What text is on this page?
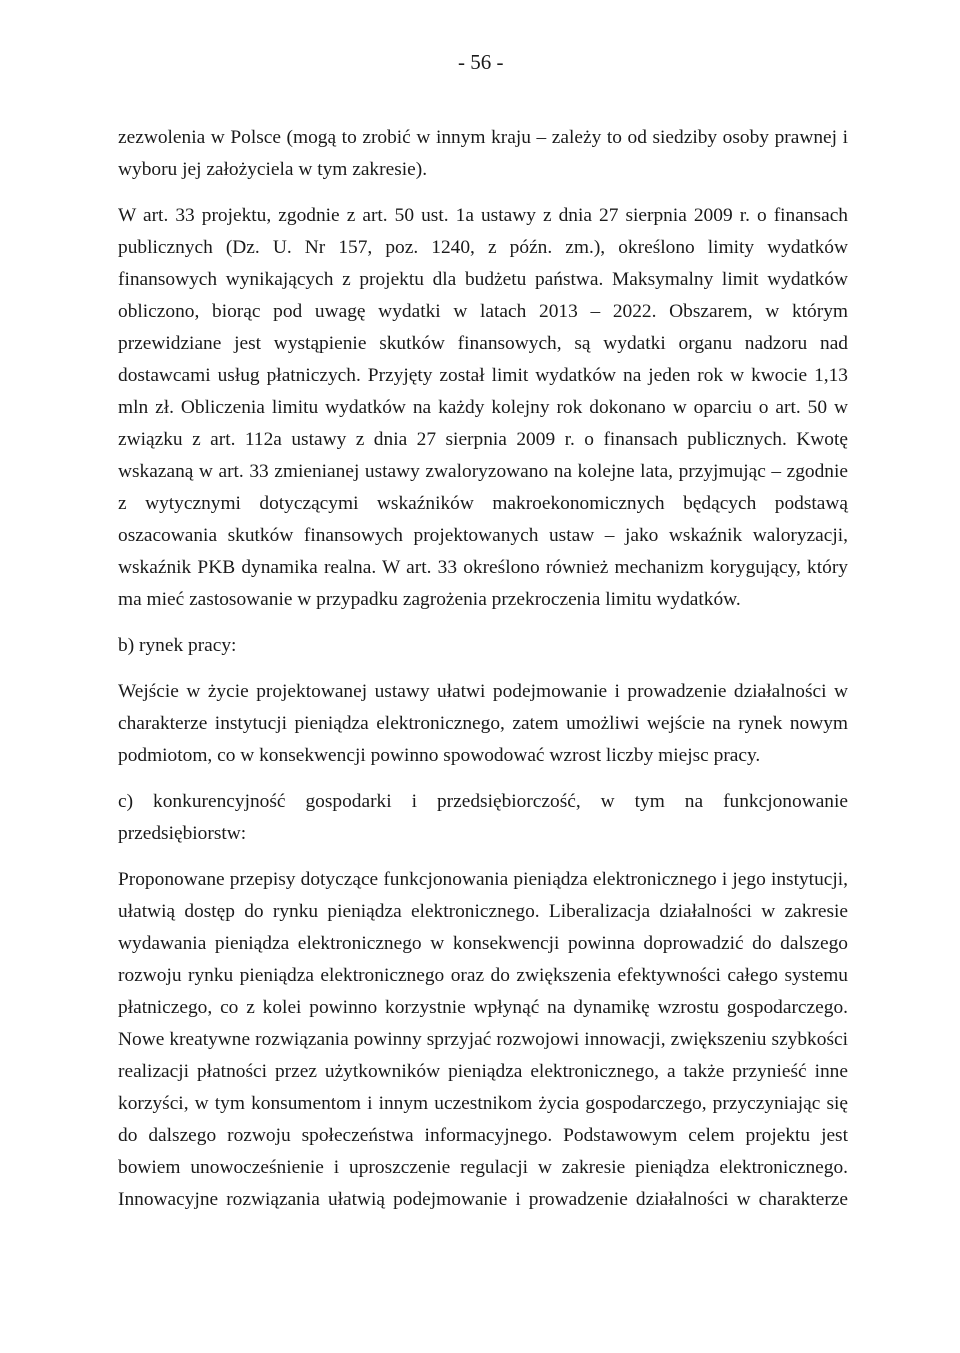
- 56 -

zezwolenia w Polsce (mogą to zrobić w innym kraju – zależy to od siedziby osoby prawnej i wyboru jej założyciela w tym zakresie).

W art. 33 projektu, zgodnie z art. 50 ust. 1a ustawy z dnia 27 sierpnia 2009 r. o finansach publicznych (Dz. U. Nr 157, poz. 1240, z późn. zm.), określono limity wydatków finansowych wynikających z projektu dla budżetu państwa. Maksymalny limit wydatków obliczono, biorąc pod uwagę wydatki w latach 2013 – 2022. Obszarem, w którym przewidziane jest wystąpienie skutków finansowych, są wydatki organu nadzoru nad dostawcami usług płatniczych. Przyjęty został limit wydatków na jeden rok w kwocie 1,13 mln zł. Obliczenia limitu wydatków na każdy kolejny rok dokonano w oparciu o art. 50 w związku z art. 112a ustawy z dnia 27 sierpnia 2009 r. o finansach publicznych. Kwotę wskazaną w art. 33 zmienianej ustawy zwaloryzowano na kolejne lata, przyjmując – zgodnie z wytycznymi dotyczącymi wskaźników makroekonomicznych będących podstawą oszacowania skutków finansowych projektowanych ustaw – jako wskaźnik waloryzacji, wskaźnik PKB dynamika realna. W art. 33 określono również mechanizm korygujący, który ma mieć zastosowanie w przypadku zagrożenia przekroczenia limitu wydatków.

b) rynek pracy:

Wejście w życie projektowanej ustawy ułatwi podejmowanie i prowadzenie działalności w charakterze instytucji pieniądza elektronicznego, zatem umożliwi wejście na rynek nowym podmiotom, co w konsekwencji powinno spowodować wzrost liczby miejsc pracy.

c) konkurencyjność gospodarki i przedsiębiorczość, w tym na funkcjonowanie przedsiębiorstw:

Proponowane przepisy dotyczące funkcjonowania pieniądza elektronicznego i jego instytucji, ułatwią dostęp do rynku pieniądza elektronicznego. Liberalizacja działalności w zakresie wydawania pieniądza elektronicznego w konsekwencji powinna doprowadzić do dalszego rozwoju rynku pieniądza elektronicznego oraz do zwiększenia efektywności całego systemu płatniczego, co z kolei powinno korzystnie wpłynąć na dynamikę wzrostu gospodarczego. Nowe kreatywne rozwiązania powinny sprzyjać rozwojowi innowacji, zwiększeniu szybkości realizacji płatności przez użytkowników pieniądza elektronicznego, a także przynieść inne korzyści, w tym konsumentom i innym uczestnikom życia gospodarczego, przyczyniając się do dalszego rozwoju społeczeństwa informacyjnego. Podstawowym celem projektu jest bowiem unowocześnienie i uproszczenie regulacji w zakresie pieniądza elektronicznego. Innowacyjne rozwiązania ułatwią podejmowanie i prowadzenie działalności w charakterze
